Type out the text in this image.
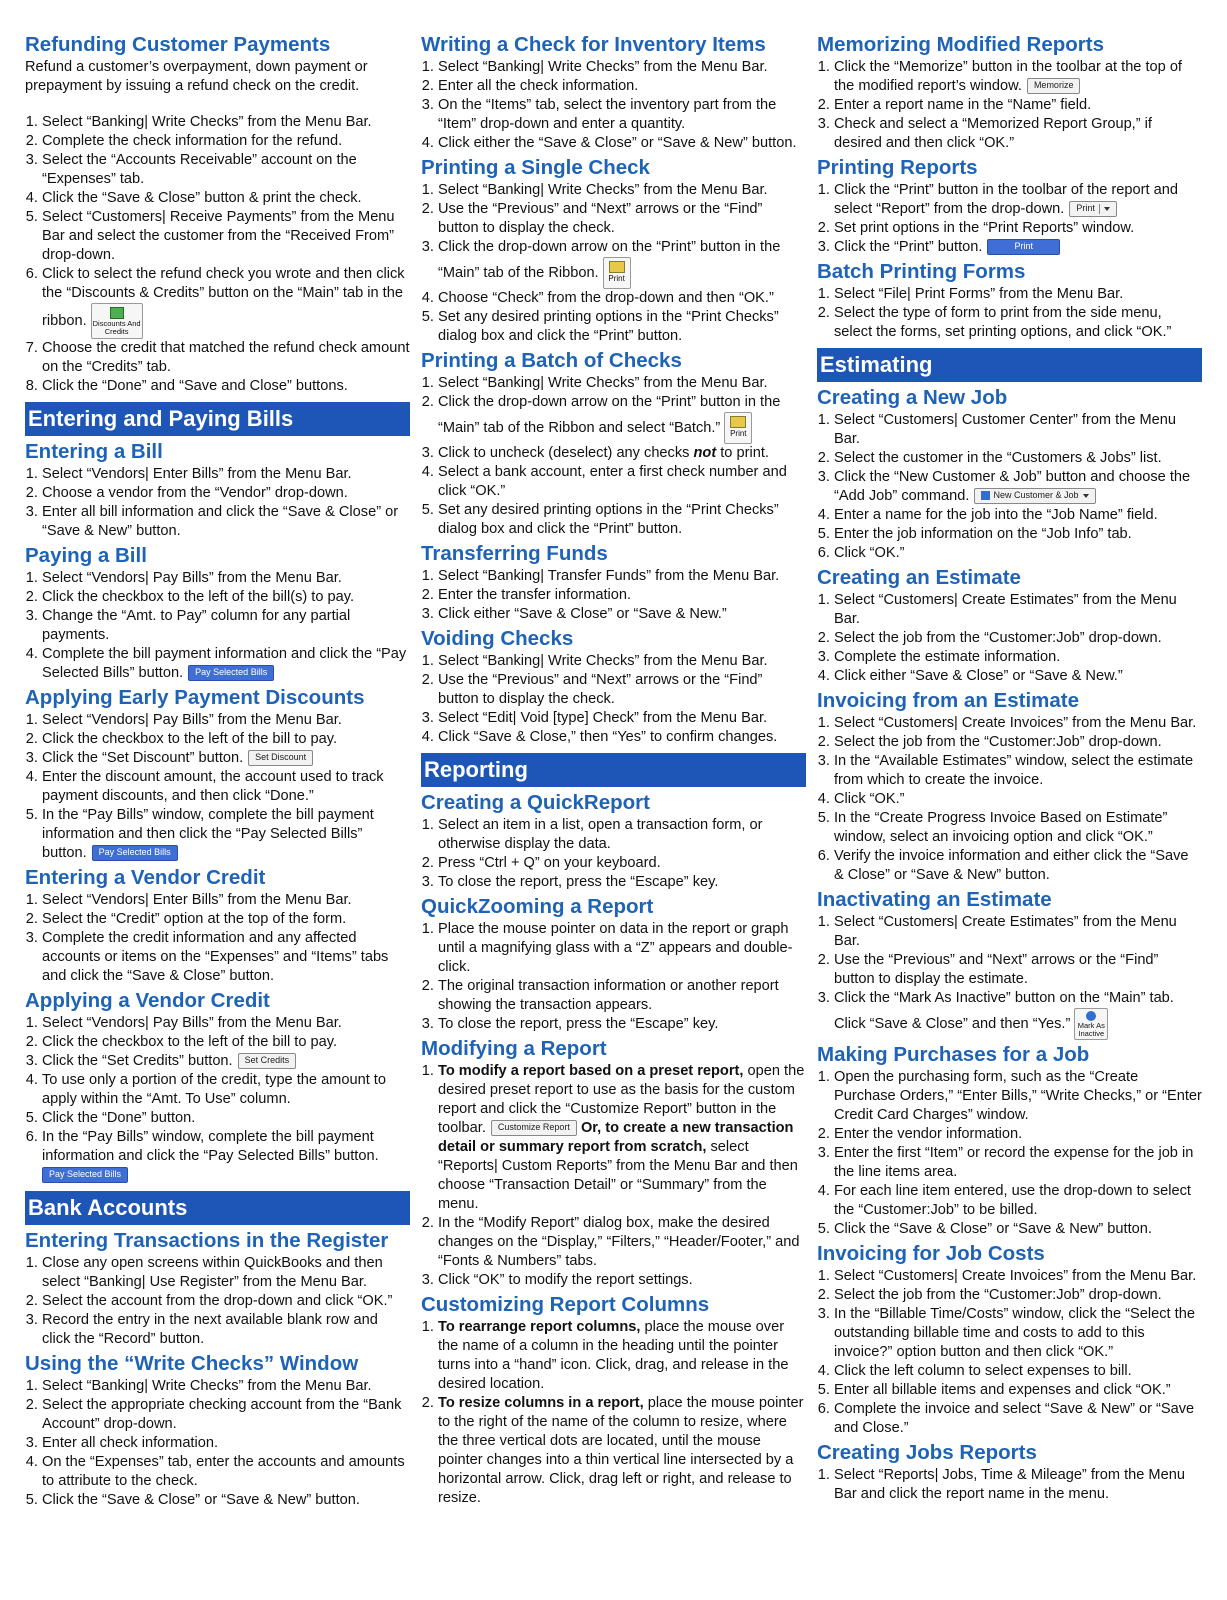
Refunding Customer Payments

Refund a customer’s overpayment, down payment or prepayment by issuing a refund check on the credit.

1. Select “Banking| Write Checks” from the Menu Bar.
2. Complete the check information for the refund.
3. Select the “Accounts Receivable” account on the “Expenses” tab.
4. Click the “Save & Close” button & print the check.
5. Select “Customers| Receive Payments” from the Menu Bar and select the customer from the “Received From” drop-down.
6. Click to select the refund check you wrote and then click the “Discounts & Credits” button on the “Main” tab in the ribbon. Discounts And Credits
7. Choose the credit that matched the refund check amount on the “Credits” tab.
8. Click the “Done” and “Save and Close” buttons.
Entering and Paying Bills
Entering a Bill
1. Select “Vendors| Enter Bills” from the Menu Bar.
2. Choose a vendor from the “Vendor” drop-down.
3. Enter all bill information and click the “Save & Close” or “Save & New” button.
Paying a Bill
1. Select “Vendors| Pay Bills” from the Menu Bar.
2. Click the checkbox to the left of the bill(s) to pay.
3. Change the “Amt. to Pay” column for any partial payments.
4. Complete the bill payment information and click the “Pay Selected Bills” button. Pay Selected Bills
Applying Early Payment Discounts
1. Select “Vendors| Pay Bills” from the Menu Bar.
2. Click the checkbox to the left of the bill to pay.
3. Click the “Set Discount” button. Set Discount
4. Enter the discount amount, the account used to track payment discounts, and then click “Done.”
5. In the “Pay Bills” window, complete the bill payment information and then click the “Pay Selected Bills” button. Pay Selected Bills
Entering a Vendor Credit
1. Select “Vendors| Enter Bills” from the Menu Bar.
2. Select the “Credit” option at the top of the form.
3. Complete the credit information and any affected accounts or items on the “Expenses” and “Items” tabs and click the “Save & Close” button.
Applying a Vendor Credit
1. Select “Vendors| Pay Bills” from the Menu Bar.
2. Click the checkbox to the left of the bill to pay.
3. Click the “Set Credits” button. Set Credits
4. To use only a portion of the credit, type the amount to apply within the “Amt. To Use” column.
5. Click the “Done” button.
6. In the “Pay Bills” window, complete the bill payment information and click the “Pay Selected Bills” button.
Pay Selected Bills
Bank Accounts
Entering Transactions in the Register
1. Close any open screens within QuickBooks and then select “Banking| Use Register” from the Menu Bar.
2. Select the account from the drop-down and click “OK.”
3. Record the entry in the next available blank row and click the “Record” button.
Using the “Write Checks” Window
1. Select “Banking| Write Checks” from the Menu Bar.
2. Select the appropriate checking account from the “Bank Account” drop-down.
3. Enter all check information.
4. On the “Expenses” tab, enter the accounts and amounts to attribute to the check.
5. Click the “Save & Close” or “Save & New” button.
Writing a Check for Inventory Items
1. Select “Banking| Write Checks” from the Menu Bar.
2. Enter all the check information.
3. On the “Items” tab, select the inventory part from the “Item” drop-down and enter a quantity.
4. Click either the “Save & Close” or “Save & New” button.
Printing a Single Check
1. Select “Banking| Write Checks” from the Menu Bar.
2. Use the “Previous” and “Next” arrows or the “Find” button to display the check.
3. Click the drop-down arrow on the “Print” button in the “Main” tab of the Ribbon. Print
4. Choose “Check” from the drop-down and then “OK.”
5. Set any desired printing options in the “Print Checks” dialog box and click the “Print” button.
Printing a Batch of Checks
1. Select “Banking| Write Checks” from the Menu Bar.
2. Click the drop-down arrow on the “Print” button in the “Main” tab of the Ribbon and select “Batch.” Print
3. Click to uncheck (deselect) any checks not to print.
4. Select a bank account, enter a first check number and click “OK.”
5. Set any desired printing options in the “Print Checks” dialog box and click the “Print” button.
Transferring Funds
1. Select “Banking| Transfer Funds” from the Menu Bar.
2. Enter the transfer information.
3. Click either “Save & Close” or “Save & New.”
Voiding Checks
1. Select “Banking| Write Checks” from the Menu Bar.
2. Use the “Previous” and “Next” arrows or the “Find” button to display the check.
3. Select “Edit| Void [type] Check” from the Menu Bar.
4. Click “Save & Close,” then “Yes” to confirm changes.
Reporting
Creating a QuickReport
1. Select an item in a list, open a transaction form, or otherwise display the data.
2. Press “Ctrl + Q” on your keyboard.
3. To close the report, press the “Escape” key.
QuickZooming a Report
1. Place the mouse pointer on data in the report or graph until a magnifying glass with a “Z” appears and double-click.
2. The original transaction information or another report showing the transaction appears.
3. To close the report, press the “Escape” key.
Modifying a Report
1. To modify a report based on a preset report, open the desired preset report to use as the basis for the custom report and click the “Customize Report” button in the toolbar. Customize Report Or, to create a new transaction detail or summary report from scratch, select “Reports| Custom Reports” from the Menu Bar and then choose “Transaction Detail” or “Summary” from the menu.
2. In the “Modify Report” dialog box, make the desired changes on the “Display,” “Filters,” “Header/Footer,” and “Fonts & Numbers” tabs.
3. Click “OK” to modify the report settings.
Customizing Report Columns
1. To rearrange report columns, place the mouse over the name of a column in the heading until the pointer turns into a “hand” icon. Click, drag, and release in the desired location.
2. To resize columns in a report, place the mouse pointer to the right of the name of the column to resize, where the three vertical dots are located, until the mouse pointer changes into a thin vertical line intersected by a horizontal arrow. Click, drag left or right, and release to resize.
Memorizing Modified Reports
1. Click the “Memorize” button in the toolbar at the top of the modified report’s window. Memorize
2. Enter a report name in the “Name” field.
3. Check and select a “Memorized Report Group,” if desired and then click “OK.”
Printing Reports
1. Click the “Print” button in the toolbar of the report and select “Report” from the drop-down. Print
2. Set print options in the “Print Reports” window.
3. Click the “Print” button.	Print
Batch Printing Forms
1. Select “File| Print Forms” from the Menu Bar.
2. Select the type of form to print from the side menu, select the forms, set printing options, and click “OK.”
Estimating
Creating a New Job
1. Select “Customers| Customer Center” from the Menu Bar.
2. Select the customer in the “Customers & Jobs” list.
3. Click the “New Customer & Job” button and choose the “Add Job” command.	New Customer & Job
4. Enter a name for the job into the “Job Name” field.
5. Enter the job information on the “Job Info” tab.
6. Click “OK.”
Creating an Estimate
1. Select “Customers| Create Estimates” from the Menu Bar.
2. Select the job from the “Customer:Job” drop-down.
3. Complete the estimate information.
4. Click either “Save & Close” or “Save & New.”
Invoicing from an Estimate
1. Select “Customers| Create Invoices” from the Menu Bar.
2. Select the job from the “Customer:Job” drop-down.
3. In the “Available Estimates” window, select the estimate from which to create the invoice.
4. Click “OK.”
5. In the “Create Progress Invoice Based on Estimate” window, select an invoicing option and click “OK.”
6. Verify the invoice information and either click the “Save & Close” or “Save & New” button.
Inactivating an Estimate
1. Select “Customers| Create Estimates” from the Menu Bar.
2. Use the “Previous” and “Next” arrows or the “Find” button to display the estimate.
3. Click the “Mark As Inactive” button on the “Main” tab. Click “Save & Close” and then “Yes.” Mark As Inactive
Making Purchases for a Job
1. Open the purchasing form, such as the “Create Purchase Orders,” “Enter Bills,” “Write Checks,” or “Enter Credit Card Charges” window.
2. Enter the vendor information.
3. Enter the first “Item” or record the expense for the job in the line items area.
4. For each line item entered, use the drop-down to select the “Customer:Job” to be billed.
5. Click the “Save & Close” or “Save & New” button.
Invoicing for Job Costs
1. Select “Customers| Create Invoices” from the Menu Bar.
2. Select the job from the “Customer:Job” drop-down.
3. In the “Billable Time/Costs” window, click the “Select the outstanding billable time and costs to add to this invoice?” option button and then click “OK.”
4. Click the left column to select expenses to bill.
5. Enter all billable items and expenses and click “OK.”
6. Complete the invoice and select “Save & New” or “Save and Close.”
Creating Jobs Reports
1. Select “Reports| Jobs, Time & Mileage” from the Menu Bar and click the report name in the menu.
